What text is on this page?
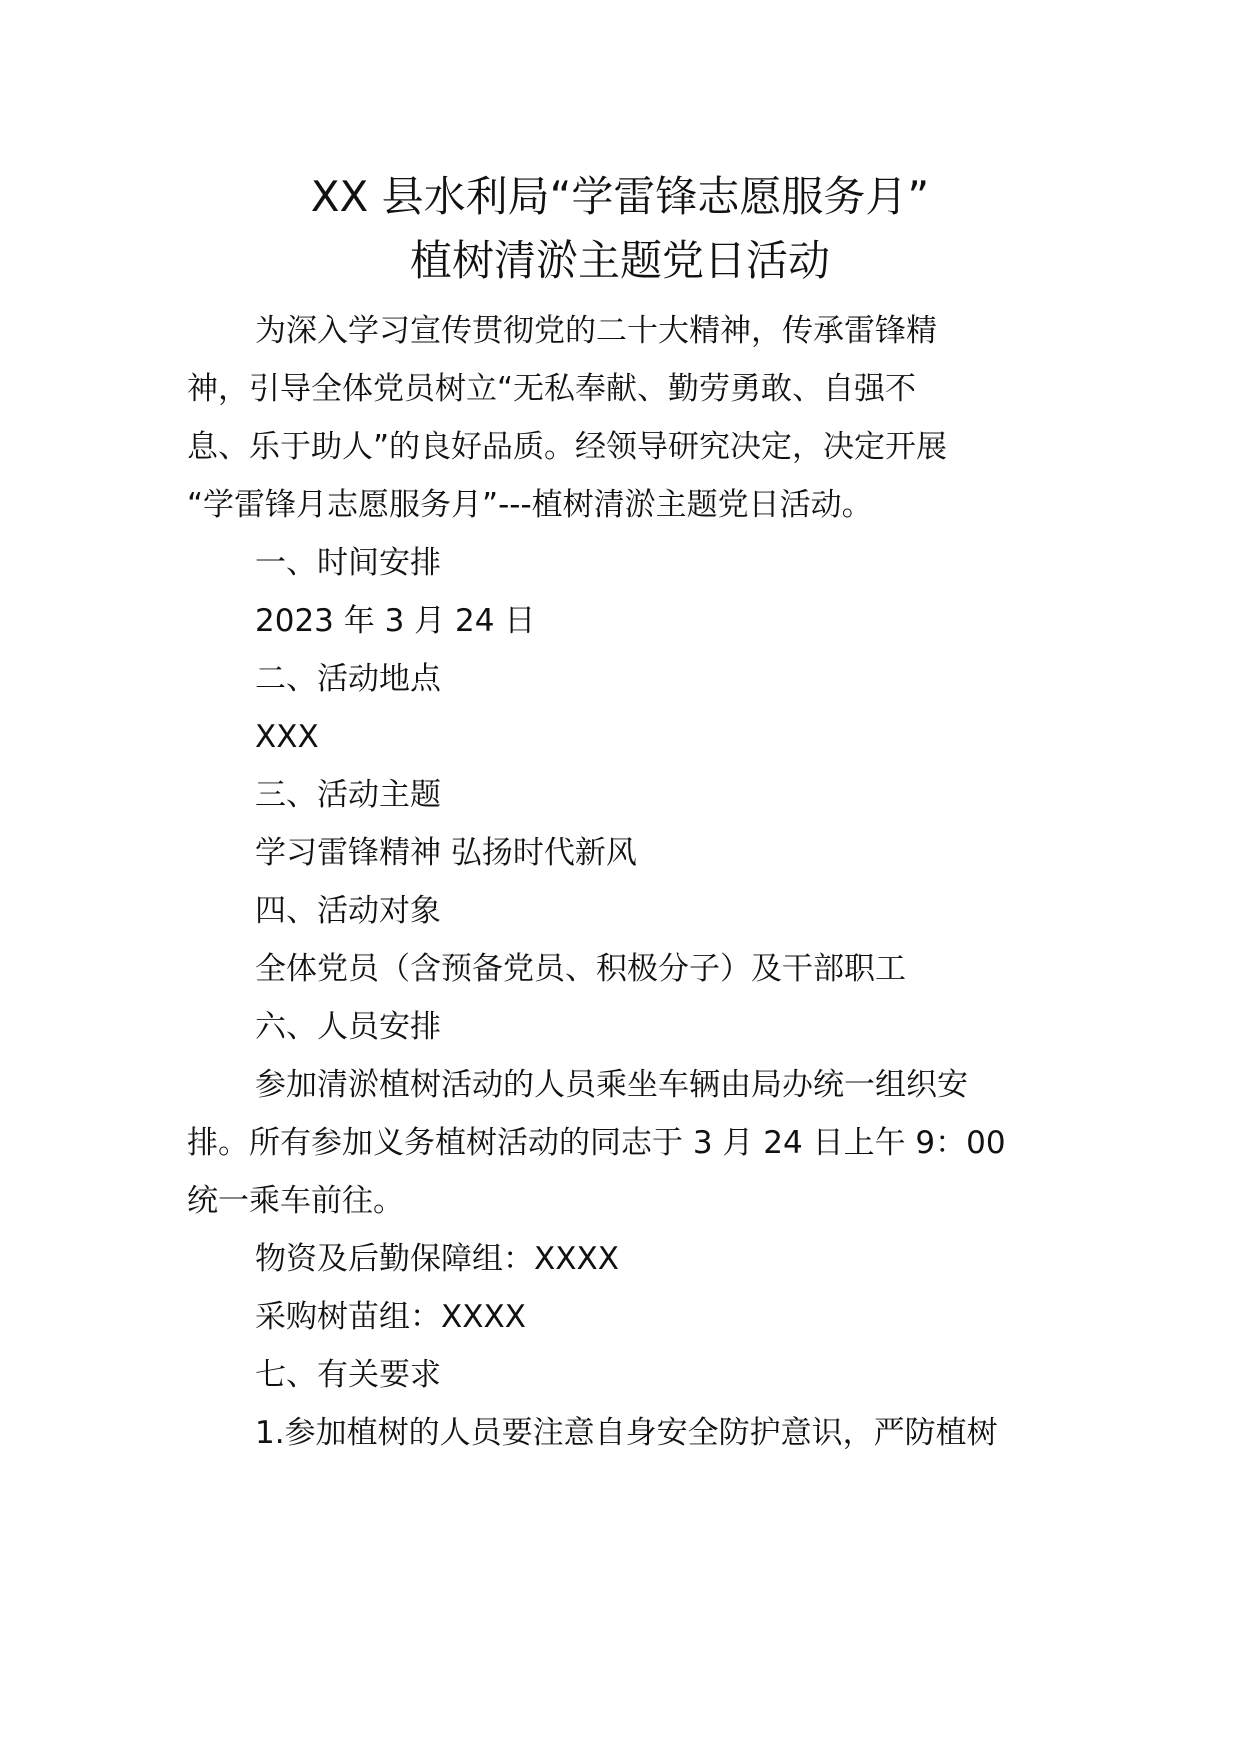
XX 县水利局“学雷锋志愿服务月”
植树清淤主题党日活动
为深入学习宣传贯彻党的二十大精神，传承雷锋精
神，引导全体党员树立“无私奉献、勤劳勇敢、自强不
息、乐于助人”的良好品质。经领导研究决定，决定开展
“学雷锋月志愿服务月”---植树清淤主题党日活动。
一、时间安排
2023 年 3 月 24 日
二、活动地点
XXX
三、活动主题
学习雷锋精神 弘扬时代新风
四、活动对象
全体党员（含预备党员、积极分子）及干部职工
六、人员安排
参加清淤植树活动的人员乘坐车辆由局办统一组织安
排。所有参加义务植树活动的同志于 3 月 24 日上午 9：00
统一乘车前往。
物资及后勤保障组：XXXX
采购树苗组：XXXX
七、有关要求
1.参加植树的人员要注意自身安全防护意识，严防植树
